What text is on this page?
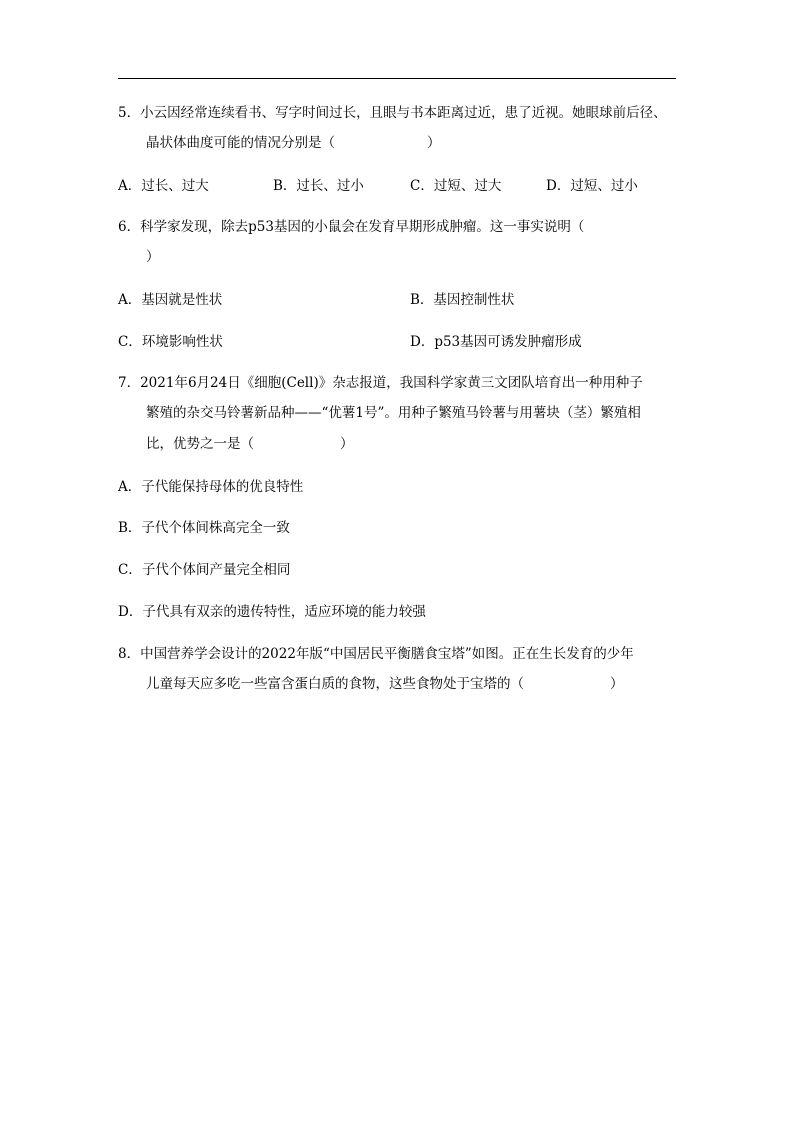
5．小云因经常连续看书、写字时间过长，且眼与书本距离过近，患了近视。她眼球前后径、
晶状体曲度可能的情况分别是（	）
A．过长、过大	B．过长、过小	C．过短、过大	D．过短、过小
6．科学家发现，除去p53基因的小鼠会在发育早期形成肿瘤。这一事实说明（
）
A．基因就是性状	B．基因控制性状
C．环境影响性状	D．p53基因可诱发肿瘤形成
7．2021年6月24日《细胞(Cell)》杂志报道，我国科学家黄三文团队培育出一种用种子
繁殖的杂交马铃薯新品种——“优薯1号”。用种子繁殖马铃薯与用薯块（茎）繁殖相
比，优势之一是（	）
A．子代能保持母体的优良特性
B．子代个体间株高完全一致
C．子代个体间产量完全相同
D．子代具有双亲的遗传特性，适应环境的能力较强
8．中国营养学会设计的2022年版“中国居民平衡膳食宝塔”如图。正在生长发育的少年
儿童每天应多吃一些富含蛋白质的食物，这些食物处于宝塔的（	）
